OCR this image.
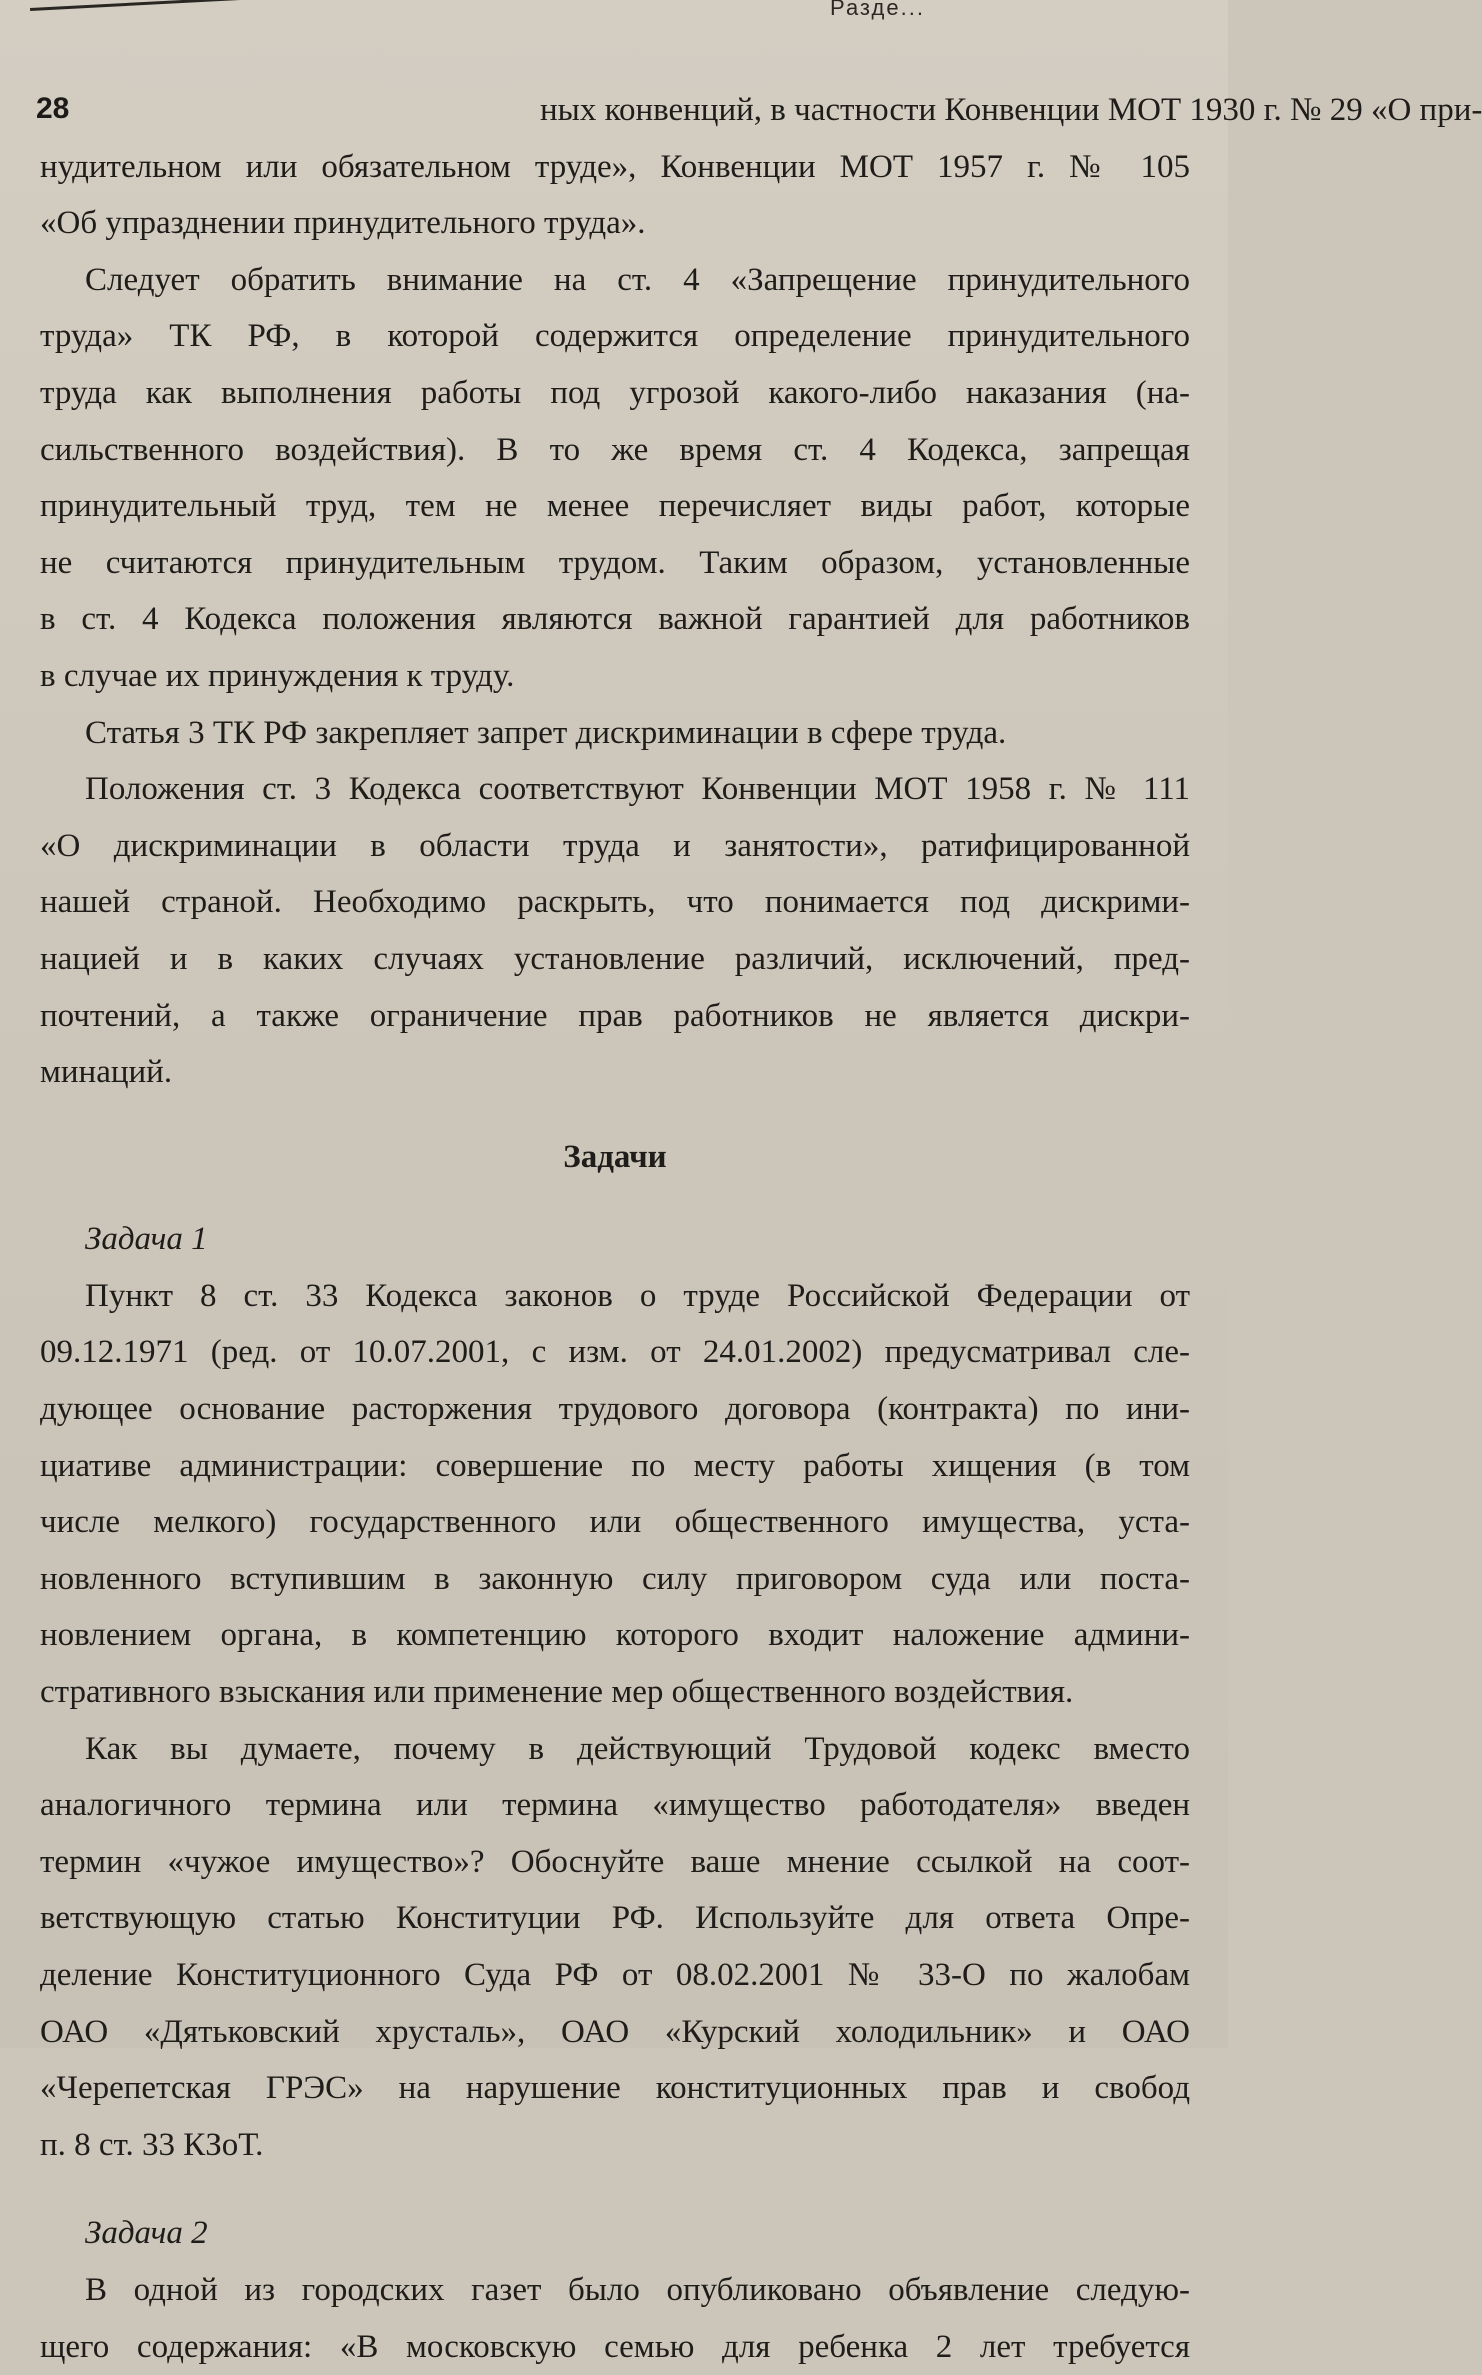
Разде...
28	ных конвенций, в частности Конвенции МОТ 1930 г. № 29 «О при-
нудительном или обязательном труде», Конвенции МОТ 1957 г. № 105
«Об упразднении принудительного труда».
Следует обратить внимание на ст. 4 «Запрещение принудительного
труда» ТК РФ, в которой содержится определение принудительного
труда как выполнения работы под угрозой какого-либо наказания (на-
сильственного воздействия). В то же время ст. 4 Кодекса, запрещая
принудительный труд, тем не менее перечисляет виды работ, которые
не считаются принудительным трудом. Таким образом, установленные
в ст. 4 Кодекса положения являются важной гарантией для работников
в случае их принуждения к труду.
Статья 3 ТК РФ закрепляет запрет дискриминации в сфере труда.
Положения ст. 3 Кодекса соответствуют Конвенции МОТ 1958 г. № 111
«О дискриминации в области труда и занятости», ратифицированной
нашей страной. Необходимо раскрыть, что понимается под дискрими-
нацией и в каких случаях установление различий, исключений, пред-
почтений, а также ограничение прав работников не является дискри-
минаций.
Задачи
Задача 1
Пункт 8 ст. 33 Кодекса законов о труде Российской Федерации от
09.12.1971 (ред. от 10.07.2001, с изм. от 24.01.2002) предусматривал сле-
дующее основание расторжения трудового договора (контракта) по ини-
циативе администрации: совершение по месту работы хищения (в том
числе мелкого) государственного или общественного имущества, уста-
новленного вступившим в законную силу приговором суда или поста-
новлением органа, в компетенцию которого входит наложение админи-
стративного взыскания или применение мер общественного воздействия.
Как вы думаете, почему в действующий Трудовой кодекс вместо
аналогичного термина или термина «имущество работодателя» введен
термин «чужое имущество»? Обоснуйте ваше мнение ссылкой на соот-
ветствующую статью Конституции РФ. Используйте для ответа Опре-
деление Конституционного Суда РФ от 08.02.2001 № 33-О по жалобам
ОАО «Дятьковский хрусталь», ОАО «Курский холодильник» и ОАО
«Черепетская ГРЭС» на нарушение конституционных прав и свобод
п. 8 ст. 33 КЗоТ.
Задача 2
В одной из городских газет было опубликовано объявление следую-
щего содержания: «В московскую семью для ребенка 2 лет требуется
